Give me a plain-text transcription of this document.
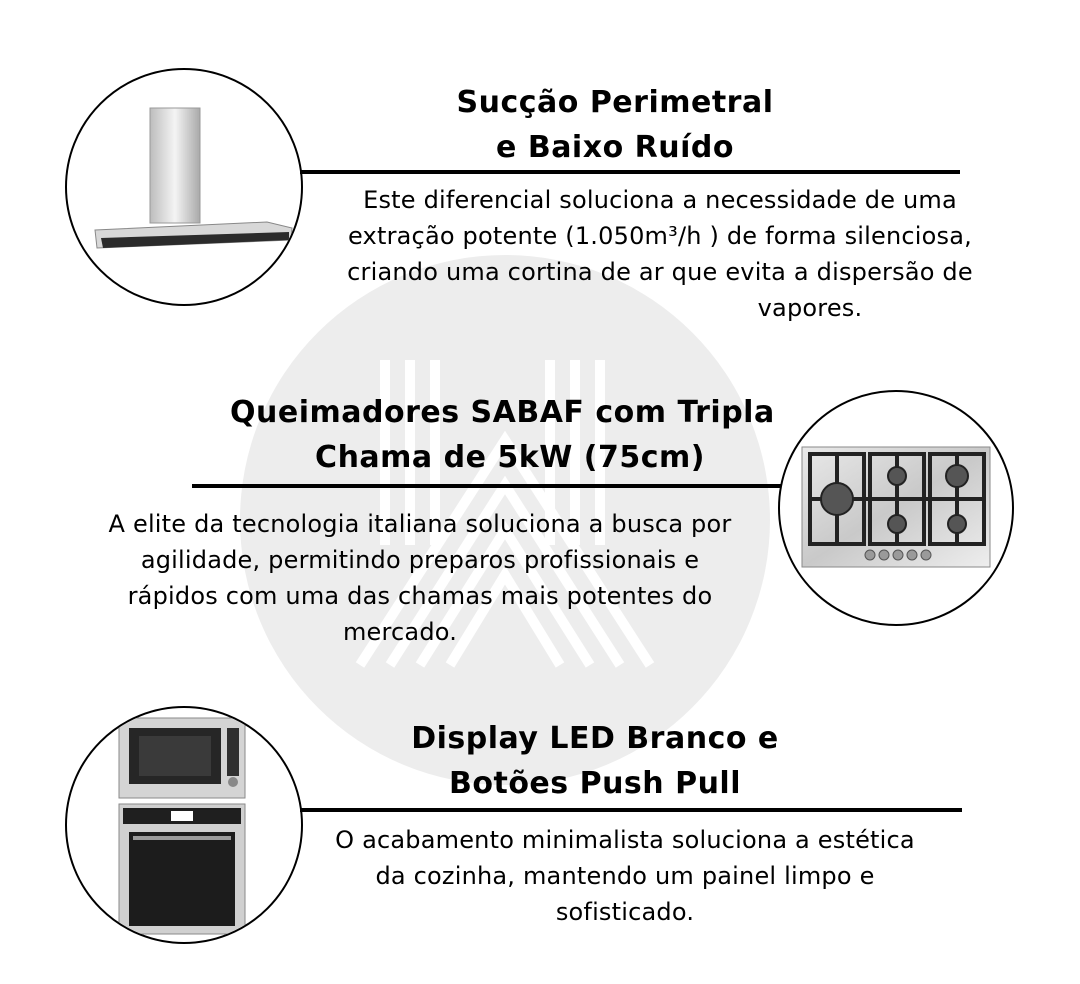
Sucção Perimetral
e Baixo Ruído

Este diferencial soluciona a necessidade de uma
extração potente (1.050m³/h ) de forma silenciosa,
criando uma cortina de ar que evita a dispersão de
vapores.

Queimadores SABAF com Tripla
Chama de 5kW (75cm)

A elite da tecnologia italiana soluciona a busca por
agilidade, permitindo preparos profissionais e
rápidos com uma das chamas mais potentes do
mercado.

Display LED Branco e
Botões Push Pull

O acabamento minimalista soluciona a estética
da cozinha, mantendo um painel limpo e
sofisticado.
